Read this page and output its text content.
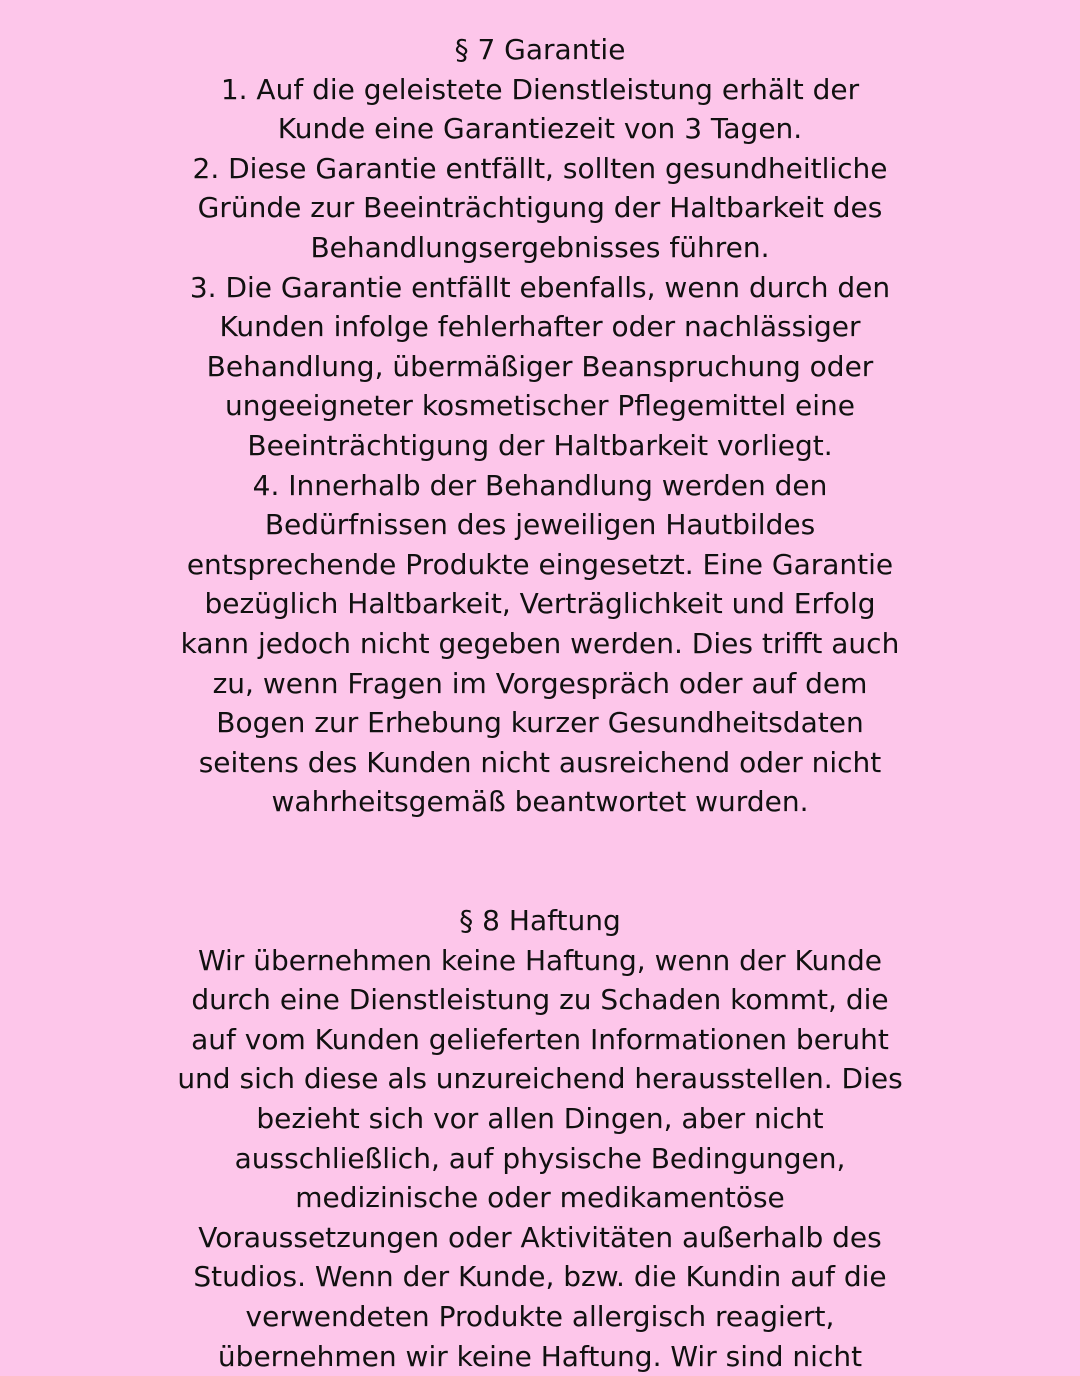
§ 7 Garantie
1. Auf die geleistete Dienstleistung erhält der
Kunde eine Garantiezeit von 3 Tagen.
2. Diese Garantie entfällt, sollten gesundheitliche
Gründe zur Beeinträchtigung der Haltbarkeit des
Behandlungsergebnisses führen.
3. Die Garantie entfällt ebenfalls, wenn durch den
Kunden infolge fehlerhafter oder nachlässiger
Behandlung, übermäßiger Beanspruchung oder
ungeeigneter kosmetischer Pflegemittel eine
Beeinträchtigung der Haltbarkeit vorliegt.
4. Innerhalb der Behandlung werden den
Bedürfnissen des jeweiligen Hautbildes
entsprechende Produkte eingesetzt. Eine Garantie
bezüglich Haltbarkeit, Verträglichkeit und Erfolg
kann jedoch nicht gegeben werden. Dies trifft auch
zu, wenn Fragen im Vorgespräch oder auf dem
Bogen zur Erhebung kurzer Gesundheitsdaten
seitens des Kunden nicht ausreichend oder nicht
wahrheitsgemäß beantwortet wurden.
§ 8 Haftung
Wir übernehmen keine Haftung, wenn der Kunde
durch eine Dienstleistung zu Schaden kommt, die
auf vom Kunden gelieferten Informationen beruht
und sich diese als unzureichend herausstellen. Dies
bezieht sich vor allen Dingen, aber nicht
ausschließlich, auf physische Bedingungen,
medizinische oder medikamentöse
Voraussetzungen oder Aktivitäten außerhalb des
Studios. Wenn der Kunde, bzw. die Kundin auf die
verwendeten Produkte allergisch reagiert,
übernehmen wir keine Haftung. Wir sind nicht
